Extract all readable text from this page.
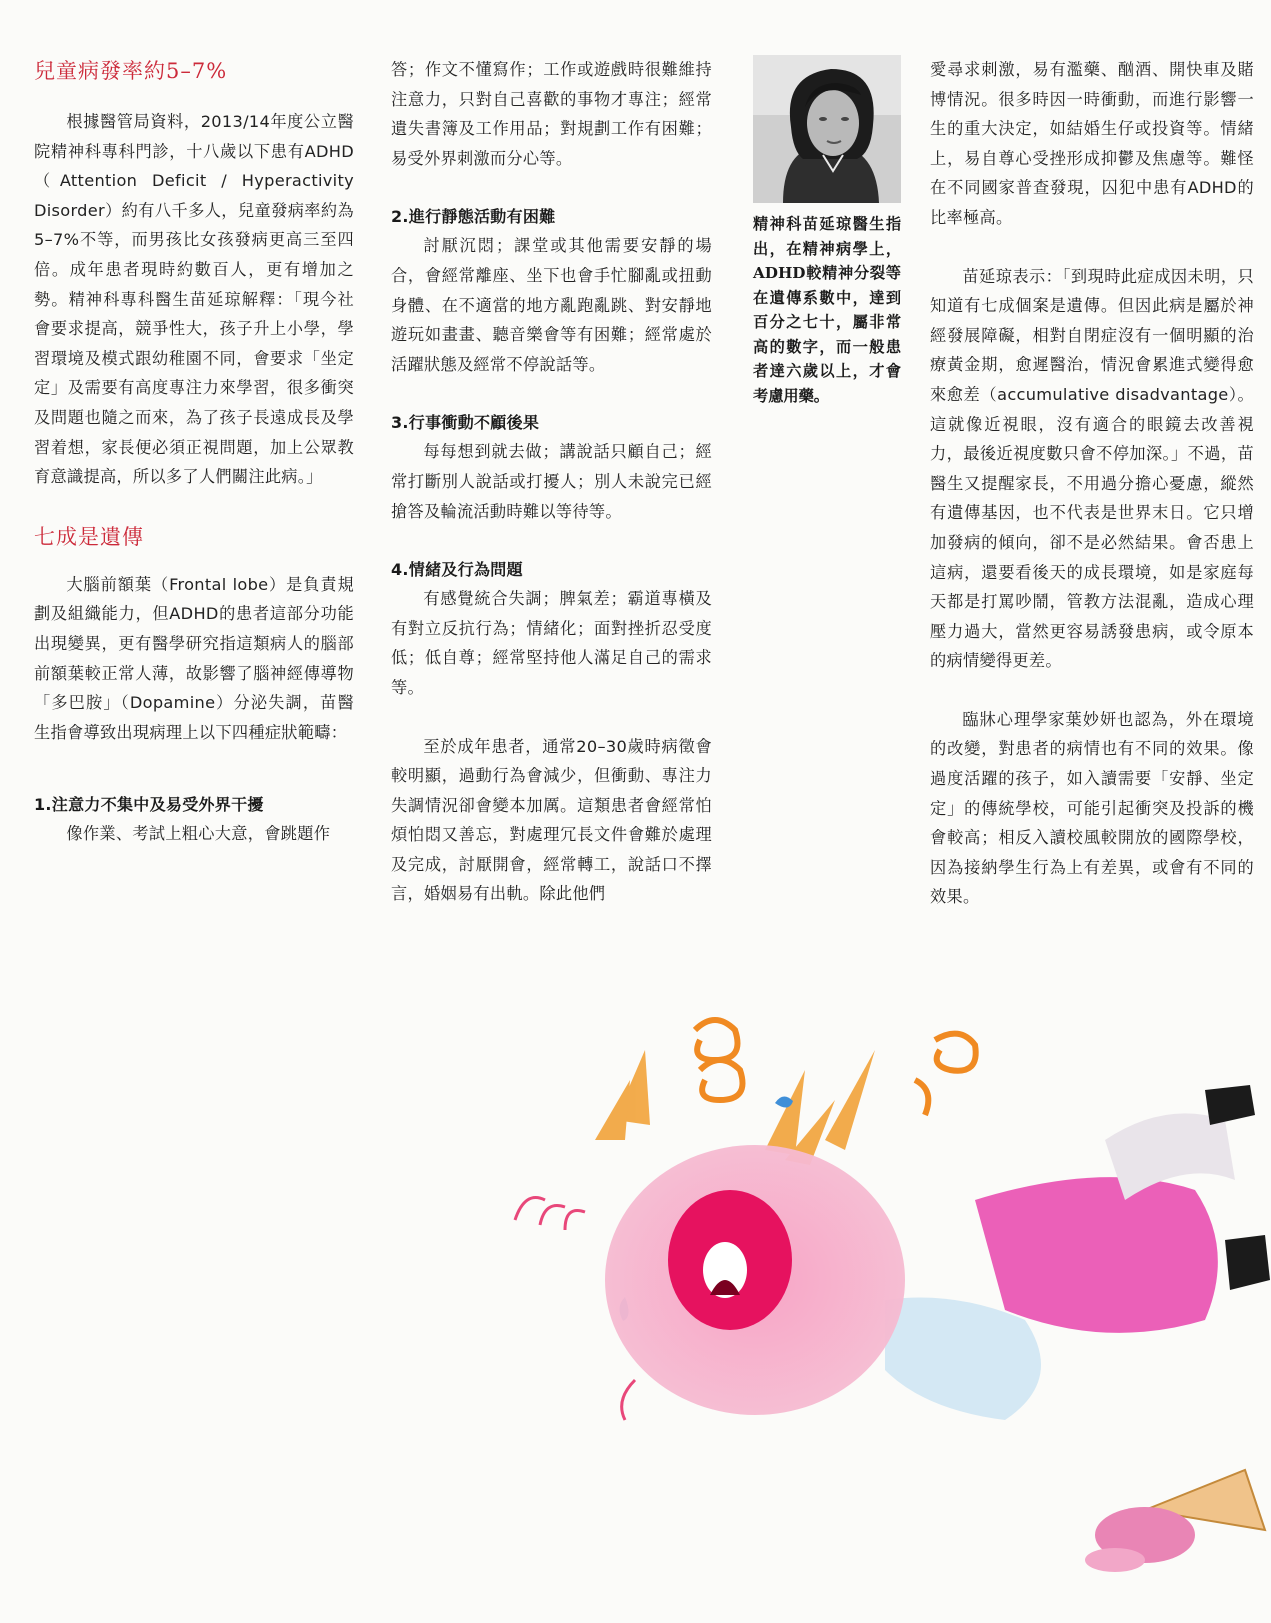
兒童病發率約5–7%

根據醫管局資料，2013/14年度公立醫院精神科專科門診，十八歲以下患有ADHD（Attention Deficit / Hyperactivity Disorder）約有八千多人，兒童發病率約為5–7%不等，而男孩比女孩發病更高三至四倍。成年患者現時約數百人，更有增加之勢。精神科專科醫生苗延琼解釋：「現今社會要求提高，競爭性大，孩子升上小學，學習環境及模式跟幼稚園不同，會要求「坐定定」及需要有高度專注力來學習，很多衝突及問題也隨之而來，為了孩子長遠成長及學習着想，家長便必須正視問題，加上公眾教育意識提高，所以多了人們關注此病。」

七成是遺傳

大腦前額葉（Frontal lobe）是負責規劃及組織能力，但ADHD的患者這部分功能出現變異，更有醫學研究指這類病人的腦部前額葉較正常人薄，故影響了腦神經傳導物「多巴胺」（Dopamine）分泌失調，苗醫生指會導致出現病理上以下四種症狀範疇：

1.注意力不集中及易受外界干擾

像作業、考試上粗心大意，會跳題作

答；作文不懂寫作；工作或遊戲時很難維持注意力，只對自己喜歡的事物才專注；經常遺失書簿及工作用品；對規劃工作有困難；易受外界刺激而分心等。

2.進行靜態活動有困難

討厭沉悶；課堂或其他需要安靜的場合，會經常離座、坐下也會手忙腳亂或扭動身體、在不適當的地方亂跑亂跳、對安靜地遊玩如畫畫、聽音樂會等有困難；經常處於活躍狀態及經常不停說話等。

3.行事衝動不顧後果

每每想到就去做；講說話只顧自己；經常打斷別人說話或打擾人；別人未說完已經搶答及輪流活動時難以等待等。

4.情緒及行為問題

有感覺統合失調；脾氣差；霸道專橫及有對立反抗行為；情緒化；面對挫折忍受度低；低自尊；經常堅持他人滿足自己的需求等。

至於成年患者，通常20–30歲時病徵會較明顯，過動行為會減少，但衝動、專注力失調情況卻會變本加厲。這類患者會經常怕煩怕悶又善忘，對處理冗長文件會難於處理及完成，討厭開會，經常轉工，說話口不擇言，婚姻易有出軌。除此他們

精神科苗延琼醫生指出，在精神病學上，ADHD較精神分裂等在遺傳系數中，達到百分之七十，屬非常高的數字，而一般患者達六歲以上，才會考慮用藥。

愛尋求刺激，易有濫藥、酗酒、開快車及賭博情況。很多時因一時衝動，而進行影響一生的重大決定，如結婚生仔或投資等。情緒上，易自尊心受挫形成抑鬱及焦慮等。難怪在不同國家普查發現，囚犯中患有ADHD的比率極高。

苗延琼表示：「到現時此症成因未明，只知道有七成個案是遺傳。但因此病是屬於神經發展障礙，相對自閉症沒有一個明顯的治療黃金期，愈遲醫治，情況會累進式變得愈來愈差（accumulative disadvantage）。這就像近視眼，沒有適合的眼鏡去改善視力，最後近視度數只會不停加深。」不過，苗醫生又提醒家長，不用過分擔心憂慮，縱然有遺傳基因，也不代表是世界末日。它只增加發病的傾向，卻不是必然結果。會否患上這病，還要看後天的成長環境，如是家庭每天都是打罵吵鬧，管教方法混亂，造成心理壓力過大，當然更容易誘發患病，或令原本的病情變得更差。

臨牀心理學家葉妙妍也認為，外在環境的改變，對患者的病情也有不同的效果。像過度活躍的孩子，如入讀需要「安靜、坐定定」的傳統學校，可能引起衝突及投訴的機會較高；相反入讀校風較開放的國際學校，因為接納學生行為上有差異，或會有不同的效果。
